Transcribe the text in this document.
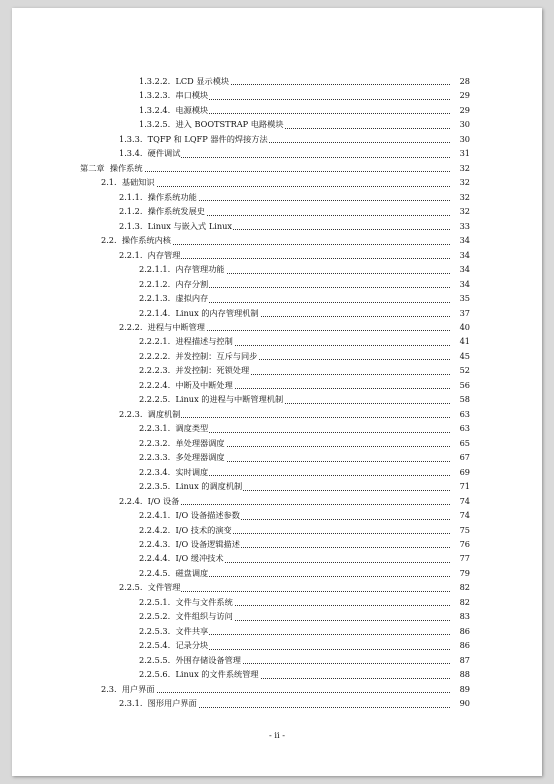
1.3.2.2. LCD 显示模块	28
1.3.2.3. 串口模块	29
1.3.2.4. 电源模块	29
1.3.2.5. 进入 BOOTSTRAP 电路模块	30
1.3.3. TQFP 和 LQFP 器件的焊接方法	30
1.3.4. 硬件调试	31
第二章 操作系统	32
2.1. 基础知识	32
2.1.1. 操作系统功能	32
2.1.2. 操作系统发展史	32
2.1.3. Linux 与嵌入式 Linux	33
2.2. 操作系统内核	34
2.2.1. 内存管理	34
2.2.1.1. 内存管理功能	34
2.2.1.2. 内存分割	34
2.2.1.3. 虚拟内存	35
2.2.1.4. Linux 的内存管理机制	37
2.2.2. 进程与中断管理	40
2.2.2.1. 进程描述与控制	41
2.2.2.2. 并发控制：互斥与同步	45
2.2.2.3. 并发控制：死锁处理	52
2.2.2.4. 中断及中断处理	56
2.2.2.5. Linux 的进程与中断管理机制	58
2.2.3. 调度机制	63
2.2.3.1. 调度类型	63
2.2.3.2. 单处理器调度	65
2.2.3.3. 多处理器调度	67
2.2.3.4. 实时调度	69
2.2.3.5. Linux 的调度机制	71
2.2.4. I/O 设备	74
2.2.4.1. I/O 设备描述参数	74
2.2.4.2. I/O 技术的演变	75
2.2.4.3. I/O 设备逻辑描述	76
2.2.4.4. I/O 缓冲技术	77
2.2.4.5. 磁盘调度	79
2.2.5. 文件管理	82
2.2.5.1. 文件与文件系统	82
2.2.5.2. 文件组织与访问	83
2.2.5.3. 文件共享	86
2.2.5.4. 记录分块	86
2.2.5.5. 外围存储设备管理	87
2.2.5.6. Linux 的文件系统管理	88
2.3. 用户界面	89
2.3.1. 图形用户界面	90
- ii -
